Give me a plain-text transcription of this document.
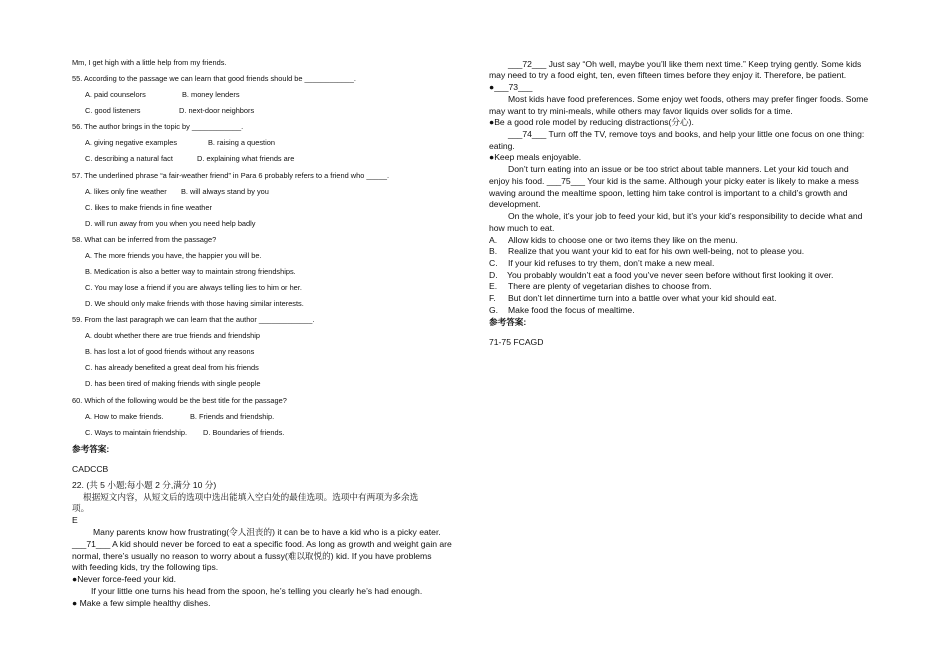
Mm, I get high with a little help from my friends.
55. According to the passage we can learn that good friends should be ____________.
A. paid counselors	B. money lenders
C. good listeners	D. next-door neighbors
56. The author brings in the topic by ____________.
A. giving negative examples	B. raising a question
C. describing a natural fact	D. explaining what friends are
57. The underlined phrase “a fair-weather friend” in Para 6 probably refers to a friend who _____.
A. likes only fine weather B. will always stand by you
C. likes to make friends in fine weather
D. will run away from you when you need help badly
58. What can be inferred from the passage?
A. The more friends you have, the happier you will be.
B. Medication is also a better way to maintain strong friendships.
C. You may lose a friend if you are always telling lies to him or her.
D. We should only make friends with those having similar interests.
59. From the last paragraph we can learn that the author _____________.
A. doubt whether there are true friends and friendship
B. has lost a lot of good friends without any reasons
C. has already benefited a great deal from his friends
D. has been tired of making friends with single people
60. Which of the following would be the best title for the passage?
A. How to make friends.	B. Friends and friendship.
C. Ways to maintain friendship. D. Boundaries of friends.
参考答案:
CADCCB
22. (共 5 小题;每小题 2 分,满分 10 分)
根据短文内容，从短文后的选项中选出能填入空白处的最佳选项。选项中有两项为多余选
项。
E
Many parents know how frustrating(令人沮丧的) it can be to have a kid who is a picky eater.
___71___ A kid should never be forced to eat a specific food. As long as growth and weight gain are
normal, there’s usually no reason to worry about a fussy(难以取悦的) kid. If you have problems
with feeding kids, try the following tips.
●Never force-feed your kid.
If your little one turns his head from the spoon, he’s telling you clearly he’s had enough.
● Make a few simple healthy dishes.
___72___ Just say “Oh well, maybe you’ll like them next time.” Keep trying gently. Some kids
may need to try a food eight, ten, even fifteen times before they enjoy it. Therefore, be patient.
●___73___
Most kids have food preferences. Some enjoy wet foods, others may prefer finger foods. Some
may want to try mini-meals, while others may favor liquids over solids for a time.
●Be a good role model by reducing distractions(分心).
___74___ Turn off the TV, remove toys and books, and help your little one focus on one thing:
eating.
●Keep meals enjoyable.
Don’t turn eating into an issue or be too strict about table manners. Let your kid touch and
enjoy his food. ___75___ Your kid is the same. Although your picky eater is likely to make a mess
waving around the mealtime spoon, letting him take control is important to a child’s growth and
development.
On the whole, it’s your job to feed your kid, but it’s your kid’s responsibility to decide what and
how much to eat.
A. Allow kids to choose one or two items they like on the menu.
B. Realize that you want your kid to eat for his own well-being, not to please you.
C. If your kid refuses to try them, don’t make a new meal.
D. You probably wouldn’t eat a food you’ve never seen before without first looking it over.
E. There are plenty of vegetarian dishes to choose from.
F. But don’t let dinnertime turn into a battle over what your kid should eat.
G. Make food the focus of mealtime.
参考答案:
71-75 FCAGD
